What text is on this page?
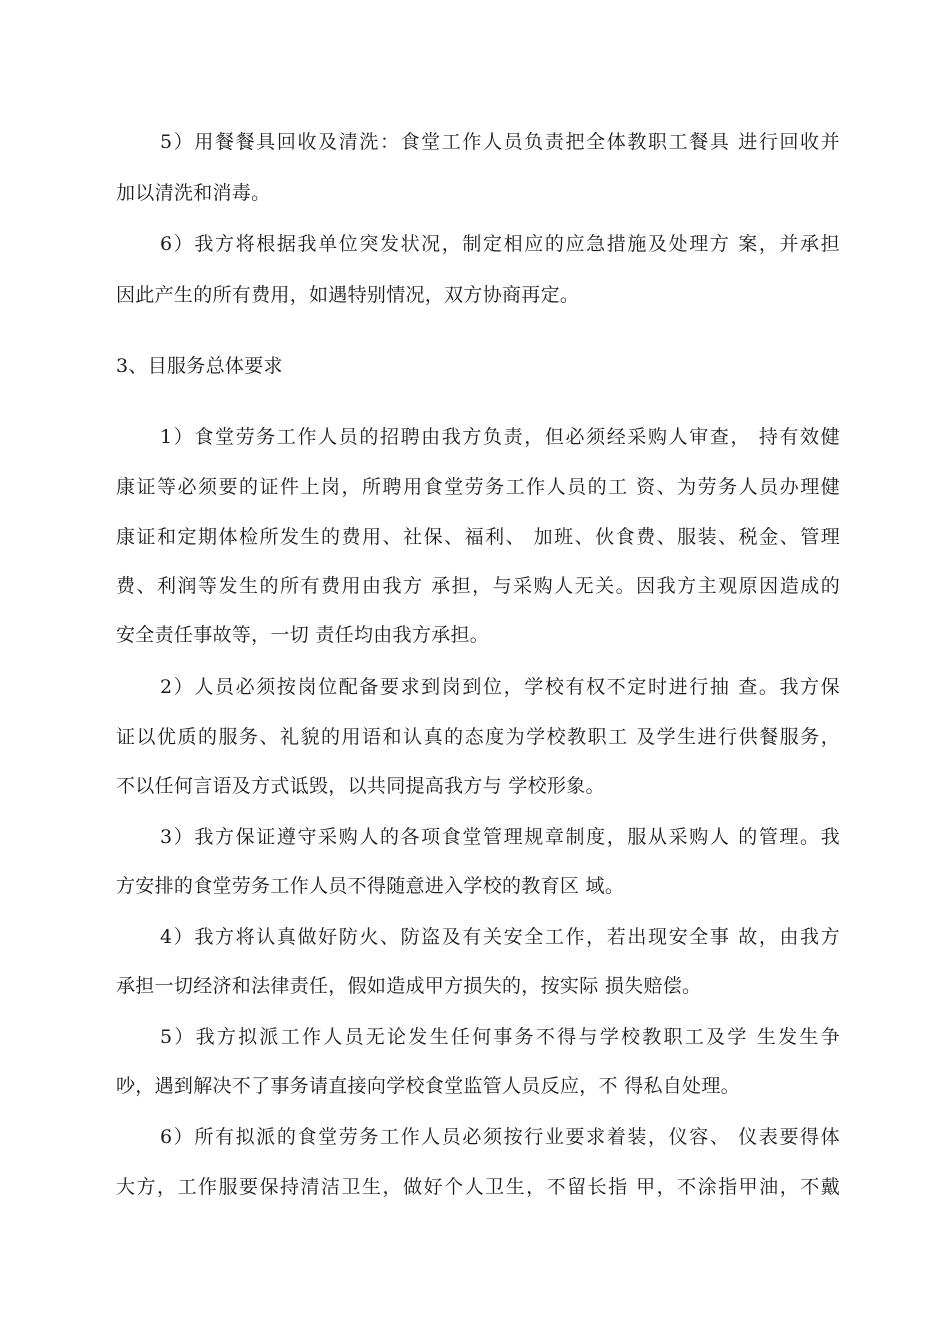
5）用餐餐具回收及清洗：食堂工作人员负责把全体教职工餐具 进行回收并
加以清洗和消毒。
6）我方将根据我单位突发状况，制定相应的应急措施及处理方 案，并承担
因此产生的所有费用，如遇特别情况，双方协商再定。
3、目服务总体要求
1）食堂劳务工作人员的招聘由我方负责，但必须经采购人审查， 持有效健
康证等必须要的证件上岗，所聘用食堂劳务工作人员的工 资、为劳务人员办理健
康证和定期体检所发生的费用、社保、福利、 加班、伙食费、服装、税金、管理
费、利润等发生的所有费用由我方 承担，与采购人无关。因我方主观原因造成的
安全责任事故等，一切 责任均由我方承担。
2）人员必须按岗位配备要求到岗到位，学校有权不定时进行抽 查。我方保
证以优质的服务、礼貌的用语和认真的态度为学校教职工 及学生进行供餐服务，
不以任何言语及方式诋毁，以共同提高我方与 学校形象。
3）我方保证遵守采购人的各项食堂管理规章制度，服从采购人 的管理。我
方安排的食堂劳务工作人员不得随意进入学校的教育区 域。
4）我方将认真做好防火、防盗及有关安全工作，若出现安全事 故，由我方
承担一切经济和法律责任，假如造成甲方损失的，按实际 损失赔偿。
5）我方拟派工作人员无论发生任何事务不得与学校教职工及学 生发生争
吵，遇到解决不了事务请直接向学校食堂监管人员反应，不 得私自处理。
6）所有拟派的食堂劳务工作人员必须按行业要求着装，仪容、 仪表要得体
大方，工作服要保持清洁卫生，做好个人卫生，不留长指 甲，不涂指甲油，不戴
